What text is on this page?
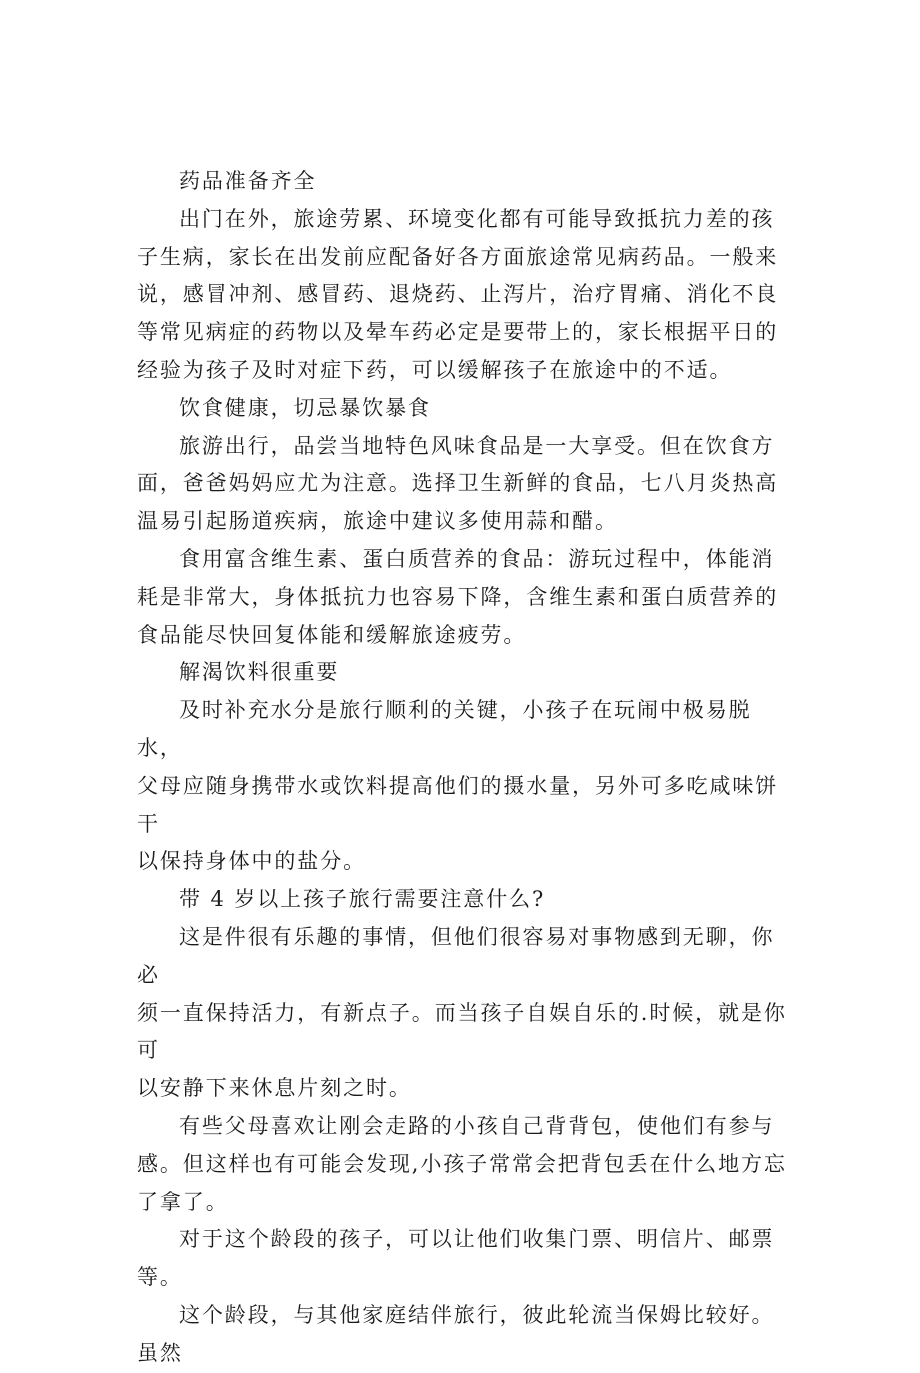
药品准备齐全

出门在外，旅途劳累、环境变化都有可能导致抵抗力差的孩子生病，家长在出发前应配备好各方面旅途常见病药品。一般来说，感冒冲剂、感冒药、退烧药、止泻片，治疗胃痛、消化不良等常见病症的药物以及晕车药必定是要带上的，家长根据平日的经验为孩子及时对症下药，可以缓解孩子在旅途中的不适。

饮食健康，切忌暴饮暴食

旅游出行，品尝当地特色风味食品是一大享受。但在饮食方面，爸爸妈妈应尤为注意。选择卫生新鲜的食品，七八月炎热高温易引起肠道疾病，旅途中建议多使用蒜和醋。

食用富含维生素、蛋白质营养的食品：游玩过程中，体能消耗是非常大，身体抵抗力也容易下降，含维生素和蛋白质营养的食品能尽快回复体能和缓解旅途疲劳。

解渴饮料很重要

及时补充水分是旅行顺利的关键，小孩子在玩闹中极易脱水，
父母应随身携带水或饮料提高他们的摄水量，另外可多吃咸味饼干
以保持身体中的盐分。

带 4 岁以上孩子旅行需要注意什么?

这是件很有乐趣的事情，但他们很容易对事物感到无聊，你必
须一直保持活力，有新点子。而当孩子自娱自乐的.时候，就是你可
以安静下来休息片刻之时。

有些父母喜欢让刚会走路的小孩自己背背包，使他们有参与感。但这样也有可能会发现,小孩子常常会把背包丢在什么地方忘了拿了。

对于这个龄段的孩子，可以让他们收集门票、明信片、邮票等。

这个龄段，与其他家庭结伴旅行，彼此轮流当保姆比较好。虽然
